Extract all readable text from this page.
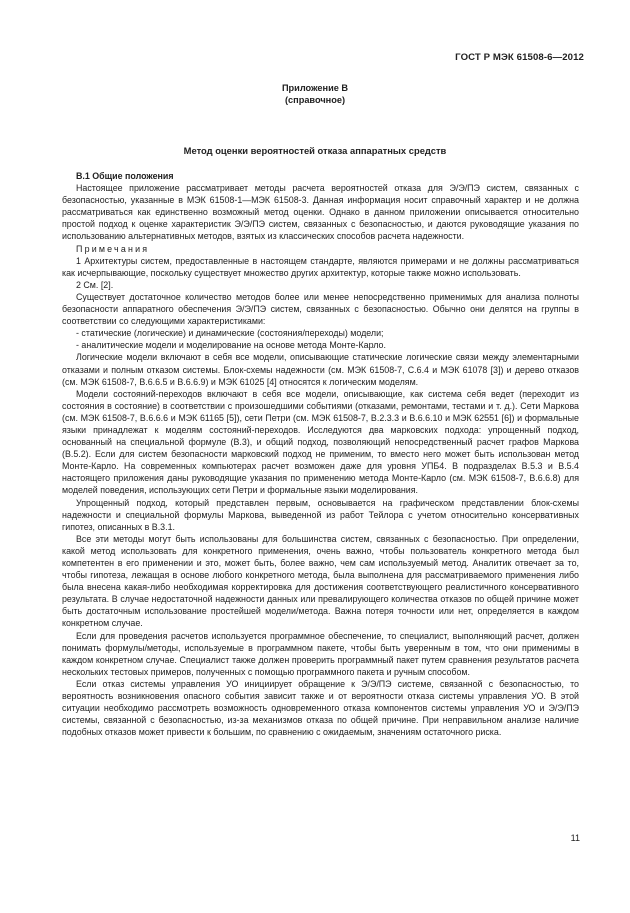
ГОСТ Р МЭК 61508-6—2012
Приложение В
(справочное)
Метод оценки вероятностей отказа аппаратных средств
В.1 Общие положения

Настоящее приложение рассматривает методы расчета вероятностей отказа для Э/Э/ПЭ систем, связанных с безопасностью, указанные в МЭК 61508-1—МЭК 61508-3. Данная информация носит справочный характер и не должна рассматриваться как единственно возможный метод оценки. Однако в данном приложении описывается относительно простой подход к оценке характеристик Э/Э/ПЭ систем, связанных с безопасностью, и даются руководящие указания по использованию альтернативных методов, взятых из классических способов расчета надежности.

Примечания

1 Архитектуры систем, предоставленные в настоящем стандарте, являются примерами и не должны рассматриваться как исчерпывающие, поскольку существует множество других архитектур, которые также можно использовать.

2 См. [2].

Существует достаточное количество методов более или менее непосредственно применимых для анализа полноты безопасности аппаратного обеспечения Э/Э/ПЭ систем, связанных с безопасностью. Обычно они делятся на группы в соответствии со следующими характеристиками:

- статические (логические) и динамические (состояния/переходы) модели;

- аналитические модели и моделирование на основе метода Монте-Карло.

Логические модели включают в себя все модели, описывающие статические логические связи между элементарными отказами и полным отказом системы. Блок-схемы надежности (см. МЭК 61508-7, С.6.4 и МЭК 61078 [3]) и дерево отказов (см. МЭК 61508-7, В.6.6.5 и В.6.6.9) и МЭК 61025 [4] относятся к логическим моделям.

Модели состояний-переходов включают в себя все модели, описывающие, как система себя ведет (переходит из состояния в состояние) в соответствии с произошедшими событиями (отказами, ремонтами, тестами и т. д.). Сети Маркова (см. МЭК 61508-7, В.6.6.6 и МЭК 61165 [5]), сети Петри (см. МЭК 61508-7, В.2.3.3 и В.6.6.10 и МЭК 62551 [6]) и формальные языки принадлежат к моделям состояний-переходов. Исследуются два марковских подхода: упрощенный подход, основанный на специальной формуле (В.3), и общий подход, позволяющий непосредственный расчет графов Маркова (В.5.2). Если для систем безопасности марковский подход не применим, то вместо него может быть использован метод Монте-Карло. На современных компьютерах расчет возможен даже для уровня УПБ4. В подразделах В.5.3 и В.5.4 настоящего приложения даны руководящие указания по применению метода Монте-Карло (см. МЭК 61508-7, В.6.6.8) для моделей поведения, использующих сети Петри и формальные языки моделирования.

Упрощенный подход, который представлен первым, основывается на графическом представлении блок-схемы надежности и специальной формулы Маркова, выведенной из работ Тейлора с учетом относительно консервативных гипотез, описанных в В.3.1.

Все эти методы могут быть использованы для большинства систем, связанных с безопасностью. При определении, какой метод использовать для конкретного применения, очень важно, чтобы пользователь конкретного метода был компетентен в его применении и это, может быть, более важно, чем сам используемый метод. Аналитик отвечает за то, чтобы гипотеза, лежащая в основе любого конкретного метода, была выполнена для рассматриваемого применения либо была внесена какая-либо необходимая корректировка для достижения соответствующего реалистичного консервативного результата. В случае недостаточной надежности данных или превалирующего количества отказов по общей причине может быть достаточным использование простейшей модели/метода. Важна потеря точности или нет, определяется в каждом конкретном случае.

Если для проведения расчетов используется программное обеспечение, то специалист, выполняющий расчет, должен понимать формулы/методы, используемые в программном пакете, чтобы быть уверенным в том, что они применимы в каждом конкретном случае. Специалист также должен проверить программный пакет путем сравнения результатов расчета нескольких тестовых примеров, полученных с помощью программного пакета и ручным способом.

Если отказ системы управления УО инициирует обращение к Э/Э/ПЭ системе, связанной с безопасностью, то вероятность возникновения опасного события зависит также и от вероятности отказа системы управления УО. В этой ситуации необходимо рассмотреть возможность одновременного отказа компонентов системы управления УО и Э/Э/ПЭ системы, связанной с безопасностью, из-за механизмов отказа по общей причине. При неправильном анализе наличие подобных отказов может привести к большим, по сравнению с ожидаемым, значениям остаточного риска.

11
